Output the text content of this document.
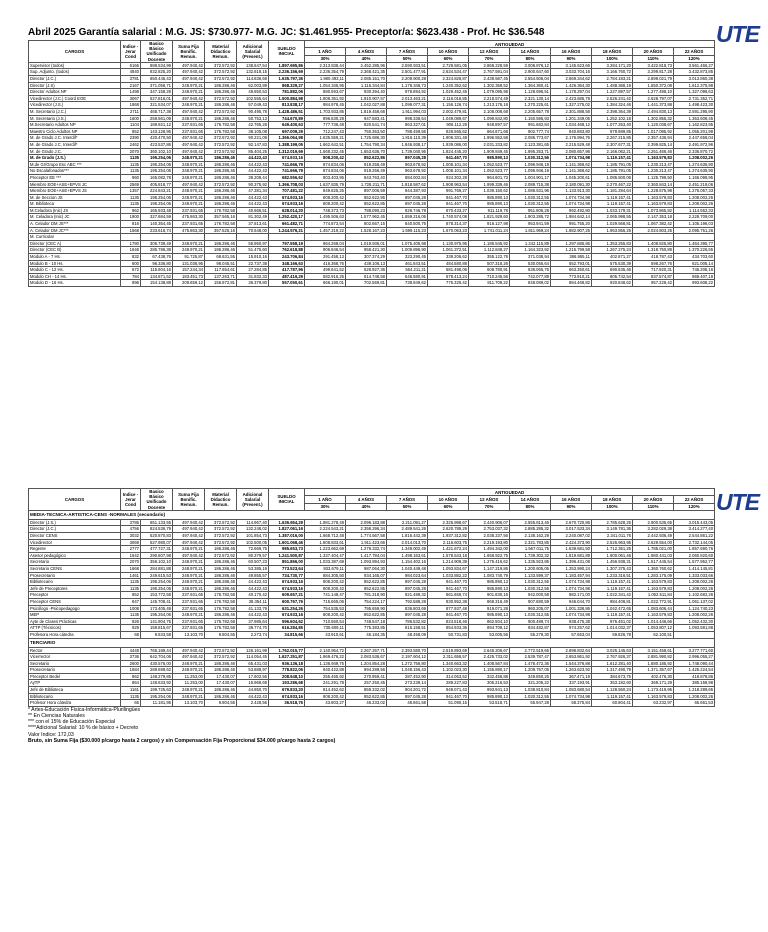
UTE
UTE
Abril 2025 Garantía salarial : M.G. JS: $730.977- M.G. JC: $1.461.955- Preceptor/a: $623.438 - Prof. Hc $36.548
CARGOS	Indice - Jerar Cond	Basico Básico Unificado Docente	Suma Fija Bonific. Remun.	Material Didactico Remun.	Adicional Salarial (Present.)	SUELDO INICIAL	ANTIGUEDAD									
							1 AÑO	4 AÑOS	7 AÑOS	10 AÑOS	12 AÑOS	14 AÑOS	16 AÑOS	18 AÑOS	20 AÑOS	22 AÑOS
							30%	40%	50%	60%	70%	80%	90%	100%	110%	120%
Supervisor (todos)	6166	888.534,99	497.940,42	372.572,92	138.647,54	1.897.695,86	2.313.838,44	2.452.285,96	2.590.933,51	2.729.581,05	2.868.228,59	3.006.876,12	3.145.523,66	3.284.171,20	3.422.818,73	3.561.466,27
Sup. Adjunto. (todos)	4840	832.825,20	497.940,42	372.572,92	132.818,15	2.236.156,69	2.236.354,79	2.368.421,35	2.501.477,91	2.634.534,47	2.767.591,04	2.900.647,60	3.033.704,16	3.166.760,72	3.299.817,28	3.432.873,85
Director (J.C.)	3781	650.445,43	497.940,42	372.572,92	114.836,59	1.635.797,36	1.980.493,11	2.085.151,70	2.209.900,28	2.324.828,87	2.439.567,45	2.554.506,04	2.669.344,62	2.784.183,21	2.899.021,79	3.013.860,38
Director (J.S)	2167	371.058,71	248.970,21	186.286,46	62.003,89	868.329,27	1.054.345,95	1.116.344,84	1.178.346,73	1.240.352,62	1.302.358,52	1.364.360,41	1.426.364,30	1.488.368,19	1.550.372,08	1.612.375,98
Director Adultos NP	1498	347.158,28	248.970,21	186.286,46	49.850,53	781.882,06	880.593,67	930.394,40	978.894,92	1.029.452,45	1.079.095,98	1.128.696,51	1.178.297,04	1.227.897,57	1.277.498,10	1.327.098,63
Vicedirector (J.C.) Coord EOE	3067	527.816,01	497.940,42	372.572,92	102.555,64	1.500.884,98	1.808.351,92	1.910.907,57	2.013.463,21	2.116.018,85	2.218.574,49	2.321.130,14	2.423.685,78	2.526.241,42	2.628.797,07	2.731.352,71
Vicedirector (J.S.)	1868	321.534,07	248.970,21	186.286,46	57.049,43	813.838,17	984.978,45	1.042.027,88	1.099.077,31	1.156.126,74	1.213.176,18	1.270.225,61	1.327.275,02	1.384.324,46	1.441.373,88	1.498.423,30
M. Secretario (J.C.)	2711	466.717,38	497.940,42	372.572,92	90.495,78	1.428.486,51	1.703.933,85	1.819.458,66	1.911.994,03	2.002.479,81	2.108.008,68	2.205.657,78	2.301.888,56	2.398.364,39	2.494.830,13	2.591.295,90
M. Secretario (J.S.)	1600	259.561,09	248.970,21	186.286,46	50.753,13	744.670,89	896.630,28	947.583,41	998.336,54	1.049.089,67	1.099.842,80	1.150.595,93	1.201.349,05	1.252.102,18	1.302.855,32	1.353.608,45
M.Secretario Adultos NP	1104	189.921,12	237.931,65	176.782,58	42.765,28	649.400,63	777.736,48	820.541,74	863.327,01	906.112,29	948.897,57	991.682,84	1.034.468,12	1.077.253,40	1.120.038,67	1.162.823,95
Maestro Ciclo Adultos NP	852	143.128,95	237.931,65	176.782,58	38.105,08	697.009,29	712.247,43	750.353,50	788.459,56	826.565,62	864.671,68	902.777,74	940.883,80	978.989,85	1.017.095,92	1.055.201,98
M. de Grado J.C. Interdif*	2390	420.470,50	497.940,42	372.572,92	90.221,09	1.366.064,98	1.635.559,21	1.725.686,30	1.816.110,39	1.906.331,48	1.996.552,58	2.086.773,67	2.176.994,76	2.267.215,85	2.357.436,94	2.447.658,04
M. de Grado J.C. Interdif*	2462	423.537,86	497.940,42	372.572,92	92.147,83	1.388.199,05	1.662.642,51	1.754.790,34	1.846.938,17	1.939.086,00	2.031.233,82	2.123.381,65	2.215.529,48	2.307.677,31	2.399.825,14	2.491.972,96
M. de Grado J.C.	2070	360.102,10	497.940,42	372.572,92	85.404,25	1.312.019,69	1.568.232,45	1.653.636,70	1.739.040,95	1.824.445,20	1.909.849,45	1.995.253,71	2.080.657,96	2.166.062,21	2.251.466,46	2.336.870,72
M. de Grado (J.S.)	1135	195.254,06	248.970,21	186.286,46	44.422,43	674.933,16	808.200,42	852.622,86	897.045,28	941.467,70	985.890,13	1.030.312,56	1.074.734,98	1.119.157,41	1.163.579,83	1.208.002,26
M.de Gr/Grupo Esc ABC ***	1135	195.254,06	248.970,21	186.286,46	44.422,43	741.666,79	874.834,06	919.256,49	963.678,92	1.008.101,34	1.052.523,77	1.096.946,19	1.141.368,62	1.185.791,05	1.230.213,47	1.274.635,90
No Escalafonados***	1135	195.254,06	248.970,21	186.286,46	44.422,43	741.666,79	874.834,06	919.256,49	963.678,92	1.008.101,34	1.052.523,77	1.096.946,19	1.141.368,62	1.185.791,05	1.230.213,47	1.274.635,90
Preceptor EE ***	960	165.082,78	248.970,21	186.286,46	39.209,44	682.556,62	803.403,95	843.763,40	884.002,84	924.302,28	964.601,73	1.004.901,17	1.045.200,61	1.085.500,06	1.125.799,50	1.166.098,95
Miembro EOE+ASE+EPVS JC	2569	405.818,77	497.940,42	372.572,92	90.375,92	1.366.708,03	1.637.835,79	1.728.211,71	1.818.587,62	1.908.963,54	1.999.339,46	2.089.715,38	2.180.091,30	2.270.467,22	2.360.843,14	2.451.219,06
Miembro EOE+ASE+EPVS JS	1357	224.843,21	248.970,21	186.286,46	47.381,34	707.481,22	849.625,25	897.006,59	944.387,93	991.769,27	1.039.150,62	1.086.531,96	1.133.913,30	1.181.294,64	1.228.675,98	1.276.057,33
M. de Seccion JS	1135	195.254,06	248.970,21	186.286,46	44.422,43	674.933,16	808.200,42	852.622,85	897.045,28	941.467,70	985.890,13	1.030.312,55	1.074.734,98	1.119.157,41	1.163.579,83	1.208.002,26
M. Biblioteca	1135	195.254,06	248.970,21	186.286,46	44.422,43	674.933,16	808.200,42	852.622,85	897.045,28	941.467,70	985.890,13	1.030.312,55	1.074.734,98	1.119.157,41	1.163.579,83	1.208.002,26
M.Celadora (Inic) JS	962	165.933,48	237.931,65	176.782,58	40.666,51	628.014,20	748.373,73	788.090,23	829.746,78	870.433,27	911.119,78	951.806,28	992.492,80	1.033.179,31	1.073.865,82	1.114.552,33
M. Celadora (Inic) JC	1900	327.684,59	475.863,30	357.565,16	81.302,49	1.252.420,17	1.495.506,63	1.577.962,45	1.659.216,06	1.740.574,08	1.821.929,60	1.903.285,72	1.984.642,14	2.065.998,55	2.147.353,18	2.228.709,00
A. Celador DM JS***	816	140.354,45	237.931,65	176.782,58	37.813,61	661.482,71	774.873,54	802.667,15	840.500,76	878.314,37	916.127,98	953.941,59	991.755,20	1.029.568,81	1.067.382,42	1.105.196,03
A. Celador DM JC***	1568	233.616,74	475.863,30	357.525,16	70.648,00	1.244.576,21	1.457.219,22	1.528.167,23	1.599.115,23	1.670.063,23	1.741.011,24	1.811.959,24	1.882.907,25	1.953.855,25	2.024.803,25	2.095.751,26
M. Curricular																
Director (CEC A)	1780	306.739,49	248.970,21	186.286,46	55.950,97	797.558,19	964.268,04	1.019.936,01	1.075.405,98	1.130.975,95	1.186.545,92	1.242.115,89	1.297.685,86	1.353.255,83	1.408.825,80	1.464.395,77
Director (CEC B)	1646	285.786,38	248.970,21	186.286,46	51.475,60	762.618,88	906.846,54	958.421,30	1.009.896,90	1.061.372,51	1.112.848,27	1.164.323,92	1.215.799,58	1.267.275,24	1.318.750,89	1.370.226,55
Modulo A - 7 Hs.	832	67.438,76	91.725,87	68.631,55	15.910,16	243.706,84	291.458,13	307.374,29	323.290,45	339.206,62	355.122,78	371.038,94	386.955,11	402.871,27	418.787,43	434.703,60
Modulo B - 10 Hs.	600	96.336,80	131.036,95	98.045,51	22.737,38	348.166,63	416.368,76	439.106,13	461.843,51	484.580,88	507.318,26	530.055,64	552.793,01	575.530,39	598.267,76	621.005,14
Modulo C - 12 Hs.	672	115.604,16	157.244,34	117.654,61	27.284,85	417.787,96	499.641,52	526.927,36	554.211,21	581.496,06	608.780,91	636.065,76	663.350,61	690.635,46	717.920,31	745.205,16
Modulo CH - 14 Hs.	784	134.871,52	183.451,73	137.263,71	31.832,33	487.419,29	582.916,25	614.748,58	646.580,91	678.413,24	710.245,56	742.077,89	773.910,21	805.742,54	837.574,87	869.407,19
Modulo D - 16 Hs.	896	154.138,88	209.659,12	156.872,81	36.379,80	557.050,61	666.190,01	702.569,81	738.949,62	775.329,42	811.709,22	848.089,02	884.468,82	920.848,62	957.228,42	993.608,22
CARGOS	Indice - Jerar Cond	Basico Básico Unificado Docente	Suma Fija Bonific. Remun.	Material Didactico Remun.	Adicional Salarial (Present.)	SUELDO INICIAL	ANTIGUEDAD									
							1 AÑO	4 AÑOS	7 AÑOS	10 AÑOS	12 AÑOS	14 AÑOS	16 AÑOS	18 AÑOS	20 AÑOS	22 AÑOS
							30%	40%	50%	60%	70%	80%	90%	100%	110%	120%
MEDIA-TECNICA-ARTISTICA-CENS -NORMALES (secundario)																
Director (J.S.)	3786	651.133,55	497.940,42	372.572,92	114.967,40	1.636.654,29	1.981.278,48	2.096.183,88	2.211.091,27	2.325.998,67	2.440.906,07	2.555.813,46	2.670.720,86	2.785.628,25	2.900.535,65	3.015.443,05
Director (J.C.)	4756	824.536,79	497.940,42	372.572,92	132.248,02	1.827.061,16	2.224.543,21	2.358.296,34	2.489.541,26	2.620.789,29	2.753.037,32	2.885.285,32	3.017.533,34	3.149.781,36	3.282.029,38	3.414.277,40
Director CENS	3032	520.870,83	497.940,42	372.572,92	101.854,73	1.387.016,00	1.668.712,48	1.774.567,58	1.816.442,39	1.937.312,82	2.038.237,56	2.138.162,29	2.240.087,02	2.341.011,76	2.442.936,49	2.544.861,22
Vicedirector	3069	527.980,07	497.940,42	372.572,92	102.500,05	1.601.068,46	1.808.833,61	1.911.423,66	2.014.013,70	2.116.603,75	2.219.193,80	2.321.783,85	2.424.373,90	2.526.963,95	2.629.554,00	2.732.144,05
Regente	2777	477.727,31	248.970,21	186.286,46	72.669,75	985.653,73	1.223.662,69	1.278.332,74	1.349.002,49	1.421.672,24	1.494.342,00	1.567.011,75	1.639.681,50	1.712.351,25	1.785.021,00	1.857.690,76
Asesor pedagógico	1642	290.607,98	497.940,42	372.572,92	80.379,57	1.241.500,87	1.337.404,47	1.417.784,04	1.498.163,61	1.578.543,18	1.658.922,75	1.739.302,32	1.819.681,89	1.900.061,46	1.980.441,03	2.060.820,60
Secretario	2070	356.102,10	248.970,21	186.286,46	60.507,23	851.866,00	1.033.387,69	1.093.894,93	1.154.402,16	1.214.909,39	1.275.416,62	1.335.923,85	1.396.431,08	1.456.938,31	1.517.445,54	1.577.952,77
Secretario CENS	1668	284.881,88	248.970,21	186.286,46	53.385,19	773.523,64	933.679,11	987.064,30	1.040.449,48	1.093.834,67	1.147.219,86	1.200.605,05	1.253.990,24	1.307.375,43	1.360.760,62	1.414.145,81
Prosecretario	1461	249.615,53	248.970,21	186.286,46	49.855,57	734.730,77	884.305,50	934.165,07	984.023,64	1.033.882,22	1.083.740,79	1.133.599,37	1.183.457,94	1.233.316,51	1.283.175,09	1.333.033,66
Bibliotecario	1135	195.254,06	248.970,21	186.286,46	44.422,43	674.933,16	808.200,42	852.622,85	897.045,28	941.467,70	985.890,13	1.030.312,55	1.074.734,98	1.119.157,41	1.163.579,83	1.208.002,26
Jefe de Preceptores	1135	195.254,06	248.970,21	186.286,46	44.422,43	674.933,16	808.200,42	852.622,85	897.045,28	941.467,70	985.890,13	1.030.312,55	1.074.734,98	1.119.157,41	1.163.579,83	1.208.002,26
Preceptor	852	153.772,58	237.931,65	176.782,58	40.170,42	609.657,21	741.148,47	781.318,90	821.489,32	861.659,74	901.830,16	942.000,58	982.171,00	1.022.341,42	1.062.511,84	1.102.682,26
Preceptor CENS	847	145.708,41	237.931,65	176.782,58	38.354,11	600.767,76	715.665,06	754.224,17	792.588,28	830.952,38	869.316,49	907.680,59	946.044,70	984.408,81	1.022.772,91	1.061.137,02
Psicólogo -Psicopedagogo	1008	173.405,49	237.931,65	176.782,58	41.133,79	631.254,26	754.535,53	795.659,90	836.803,69	877.937,48	919.071,28	960.205,07	1.001.338,86	1.042.472,65	1.083.606,44	1.124.740,23
MEP	1135	195.254,06	248.970,21	186.286,46	44.422,43	674.933,16	808.200,42	852.622,85	897.045,28	941.467,70	985.890,13	1.030.312,55	1.074.734,98	1.119.157,41	1.163.579,83	1.208.002,26
Ayte de Clases Prácticas	826	141.904,75	237.931,65	176.782,58	37.985,64	596.604,62	710.560,54	748.547,18	786.532,82	824.518,46	862.504,10	900.489,74	938.475,38	976.461,02	1.014.446,66	1.052.432,30
ATTP (Técnicos)	929	159.815,67	237.931,65	176.782,58	39.774,70	616.284,85	735.609,11	775.383,85	815.158,51	854.933,36	894.708,12	934.482,87	974.257,62	1.014.032,37	1.053.807,12	1.093.581,88
Profesora Hora cátedra	68	9.633,58	13.103,70	9.804,55	2.273,74	34.815,66	43.910,61	46.184,35	48.458,09	50.731,83	53.005,56	55.279,30	57.553,04	59.826,78	62.100,51	
TERCIARIO																
Rector	4448	765.189,44	497.940,42	372.572,92	126.161,99	1.762.015,77	2.140.954,72	2.267.267,71	2.393.580,70	2.519.893,69	2.646.206,67	2.772.519,66	2.898.832,64	3.025.145,63	3.151.458,61	3.277.771,60
Vicerrector	3736	642.704,06	497.940,42	372.572,92	114.054,45	1.627.251,87	1.969.476,22	2.083.536,67	2.197.604,12	2.311.658,57	2.425.733,02	2.539.787,47	2.653.861,92	2.767.926,37	2.881.990,82	2.996.055,27
Secretario	2600	430.576,00	248.970,21	186.286,46	65.431,03	936.136,18	1.136.949,75	1.204.854,28	1.272.758,80	1.340.663,32	1.408.567,84	1.476.472,36	1.544.376,88	1.612.281,40	1.680.185,92	1.748.090,44
Prosecretario	1684	289.698,62	248.970,21	186.286,46	53.888,97	778.822,06	940.422,88	994.289,56	1.048.156,43	1.102.023,30	1.155.890,17	1.209.757,05	1.263.623,92	1.317.490,79	1.371.357,67	1.425.224,54
Preceptor Bedel	862	148.279,85	11.253,00	17.430,07	17.602,56	208.948,10	255.465,92	270.959,41	287.452,90	314.063,52	332.456,88	349.850,25	367.471,19	384.673,75	402.476,30	419.878,86
AyTP	864	148.633,92	11.253,00	17.430,07	15.968,69	193.286,68	241.291,78	257.250,45	273.239,14	289.227,83	305.216,53	321.205,22	337.193,91	353.182,60	369.171,29	385.159,98
Jefe de Biblioteca	1161	199.725,63	248.970,21	186.286,46	44.850,70	679.833,20	814.452,62	859.332,02	904.201,72	949.071,43	993.941,13	1.038.810,84	1.083.680,54	1.128.550,24	1.173.419,95	1.218.289,65
Bibliotecario	1135	195.254,06	248.970,21	186.286,46	44.422,43	674.933,16	808.200,42	852.622,85	897.045,28	941.467,70	985.890,13	1.030.312,55	1.074.734,98	1.119.157,41	1.163.579,83	1.208.002,26
Profesor Hora cátedra	65	11.181,95	13.103,70	9.804,55	2.428,56	36.518,76	43.803,27	46.233,02	48.661,58	51.090,15	53.518,71	55.947,28	58.375,84	60.804,41	63.232,97	65.661,53
* Artes-Educación Fisica-Informática-Plurilingües
** En Ciencias Naturales
*** con el 15% de Educación Especial
****Adicional Salarial: 10 % de básico + Decreto
Valor Indice: 172,03
Bruto, sin Suma Fija ($30.000 p/cargo hasta 2 cargos) y sin Compensación Fija Proporcional $34.000 p/cargo hasta 2 cargos)
